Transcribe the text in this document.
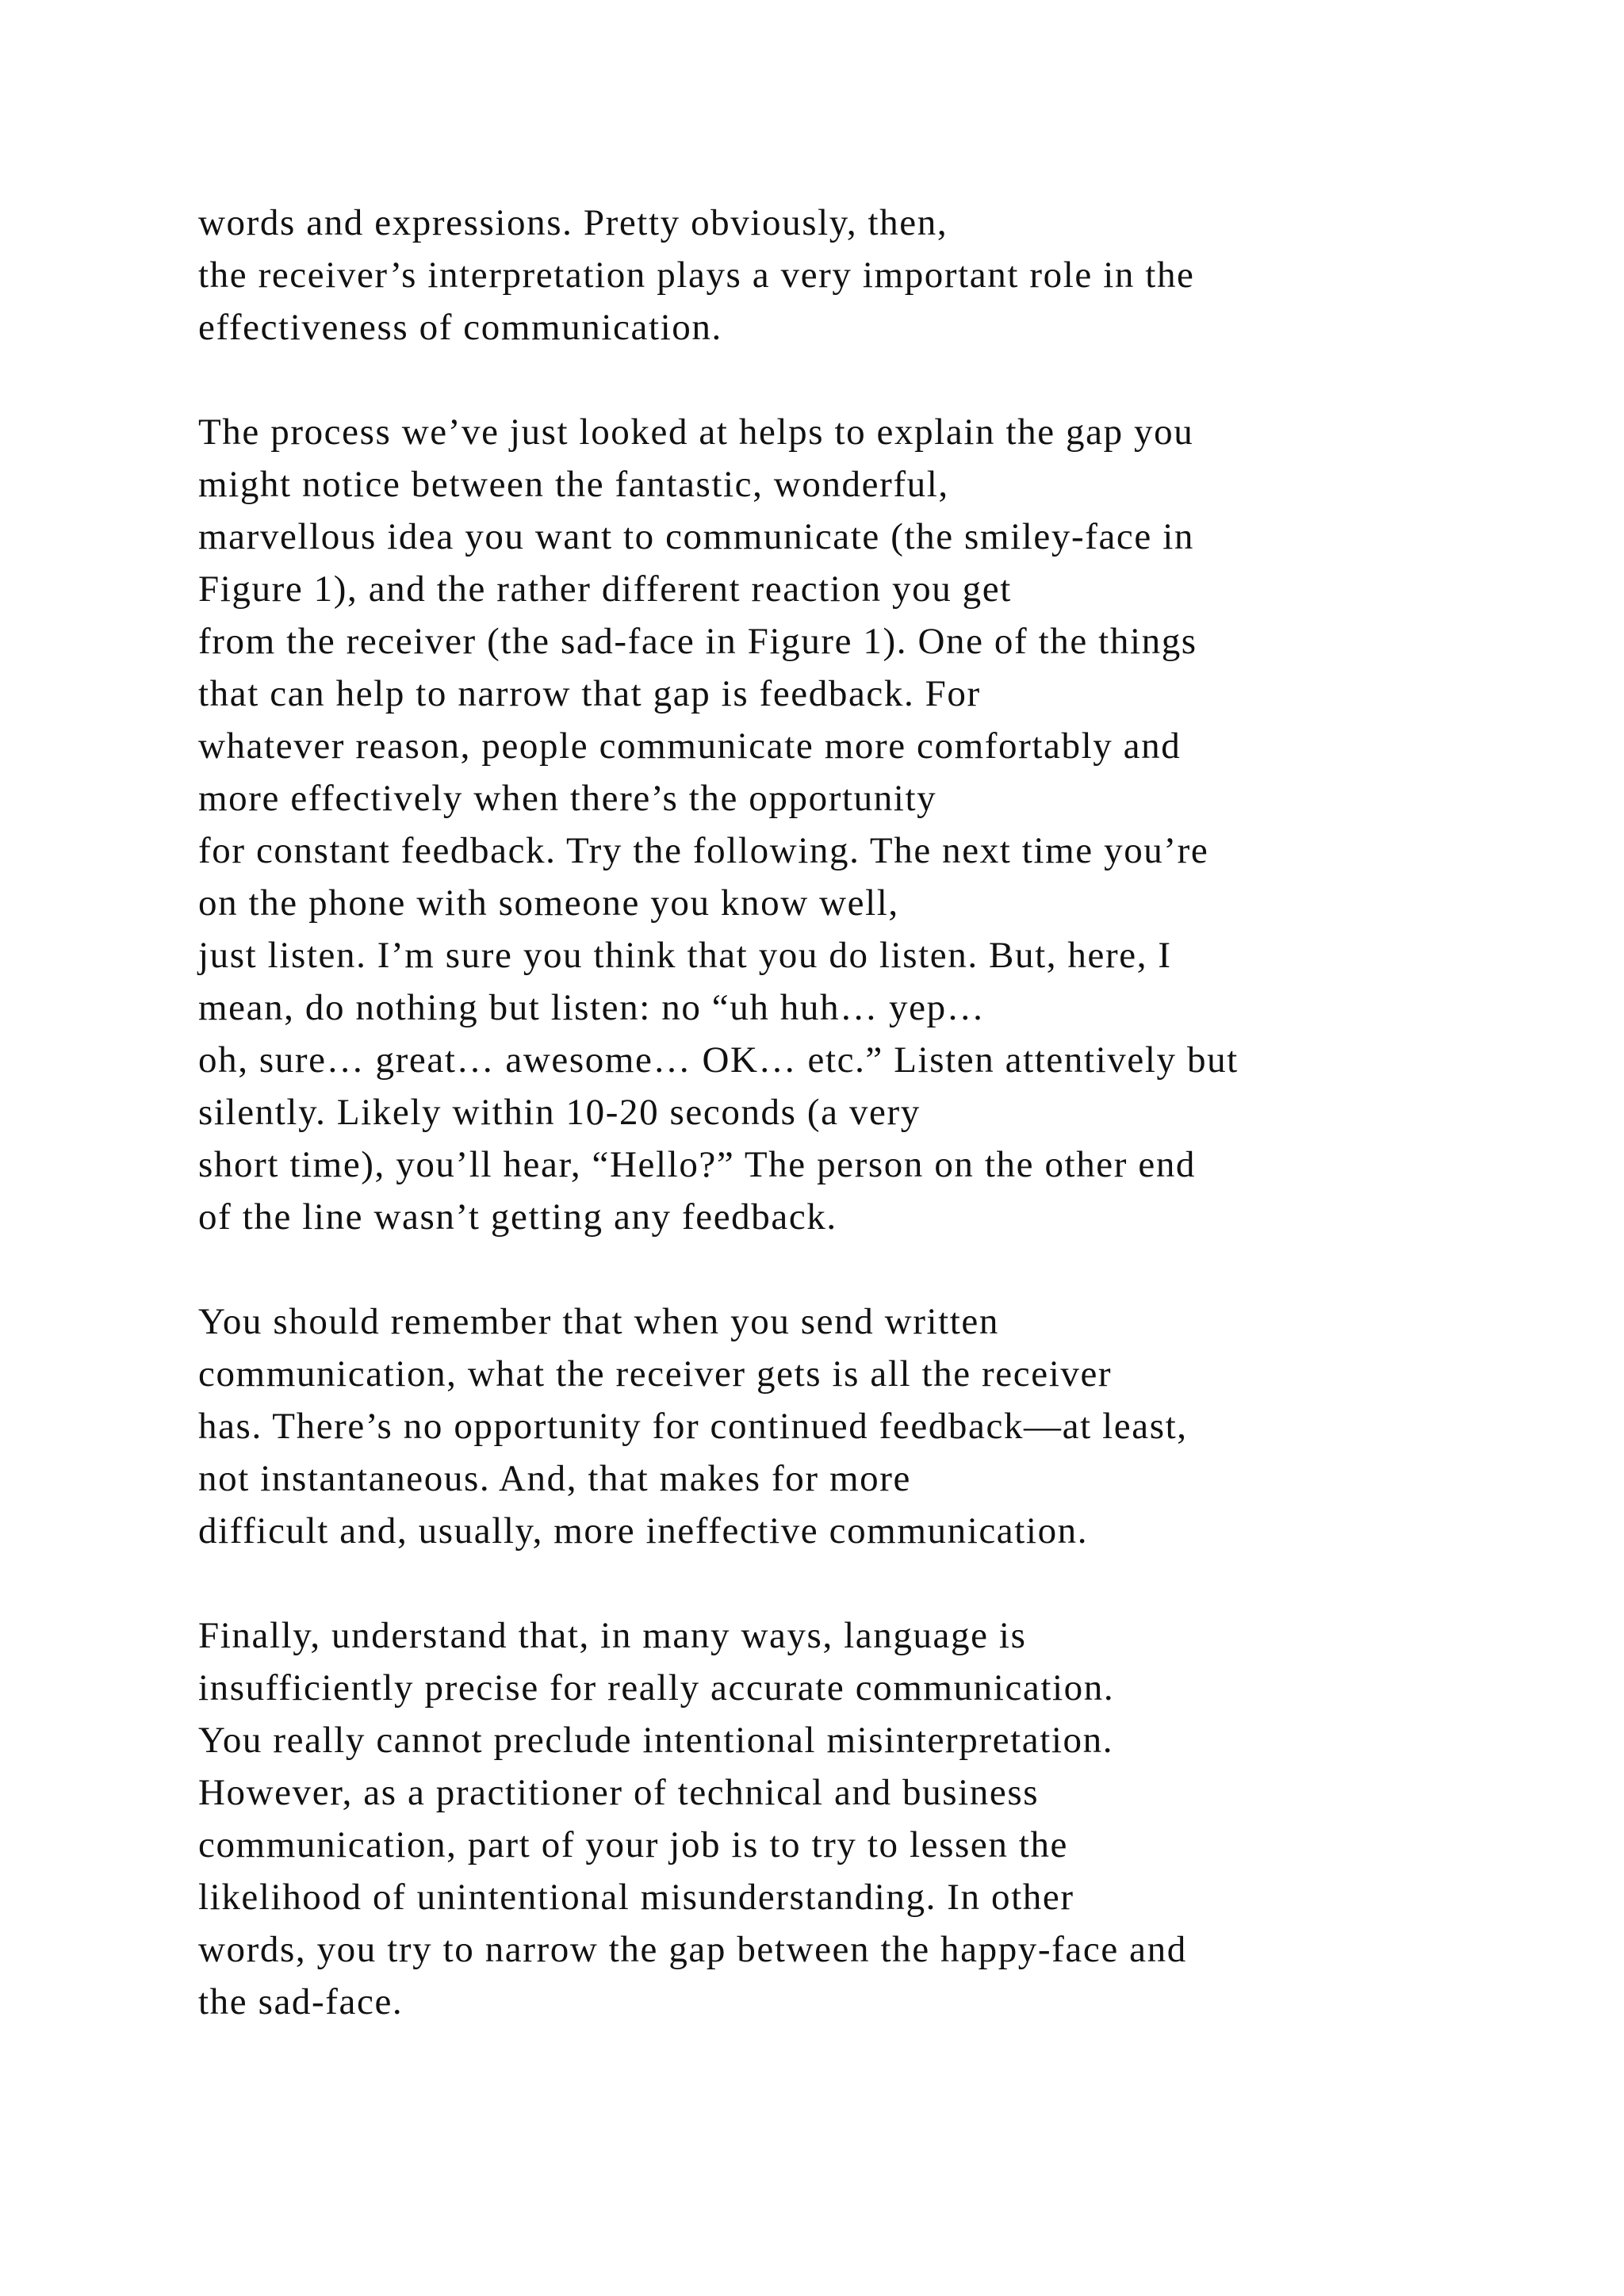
words and expressions. Pretty obviously, then,
the receiver’s interpretation plays a very important role in the
effectiveness of communication.

The process we’ve just looked at helps to explain the gap you
might notice between the fantastic, wonderful,
marvellous idea you want to communicate (the smiley-face in
Figure 1), and the rather different reaction you get
from the receiver (the sad-face in Figure 1). One of the things
that can help to narrow that gap is feedback. For
whatever reason, people communicate more comfortably and
more effectively when there’s the opportunity
for constant feedback. Try the following. The next time you’re
on the phone with someone you know well,
just listen. I’m sure you think that you do listen. But, here, I
mean, do nothing but listen: no “uh huh… yep…
oh, sure… great… awesome… OK… etc.” Listen attentively but
silently. Likely within 10-20 seconds (a very
short time), you’ll hear, “Hello?” The person on the other end
of the line wasn’t getting any feedback.

You should remember that when you send written
communication, what the receiver gets is all the receiver
has. There’s no opportunity for continued feedback—at least,
not instantaneous. And, that makes for more
difficult and, usually, more ineffective communication.

Finally, understand that, in many ways, language is
insufficiently precise for really accurate communication.
You really cannot preclude intentional misinterpretation.
However, as a practitioner of technical and business
communication, part of your job is to try to lessen the
likelihood of unintentional misunderstanding. In other
words, you try to narrow the gap between the happy-face and
the sad-face.
